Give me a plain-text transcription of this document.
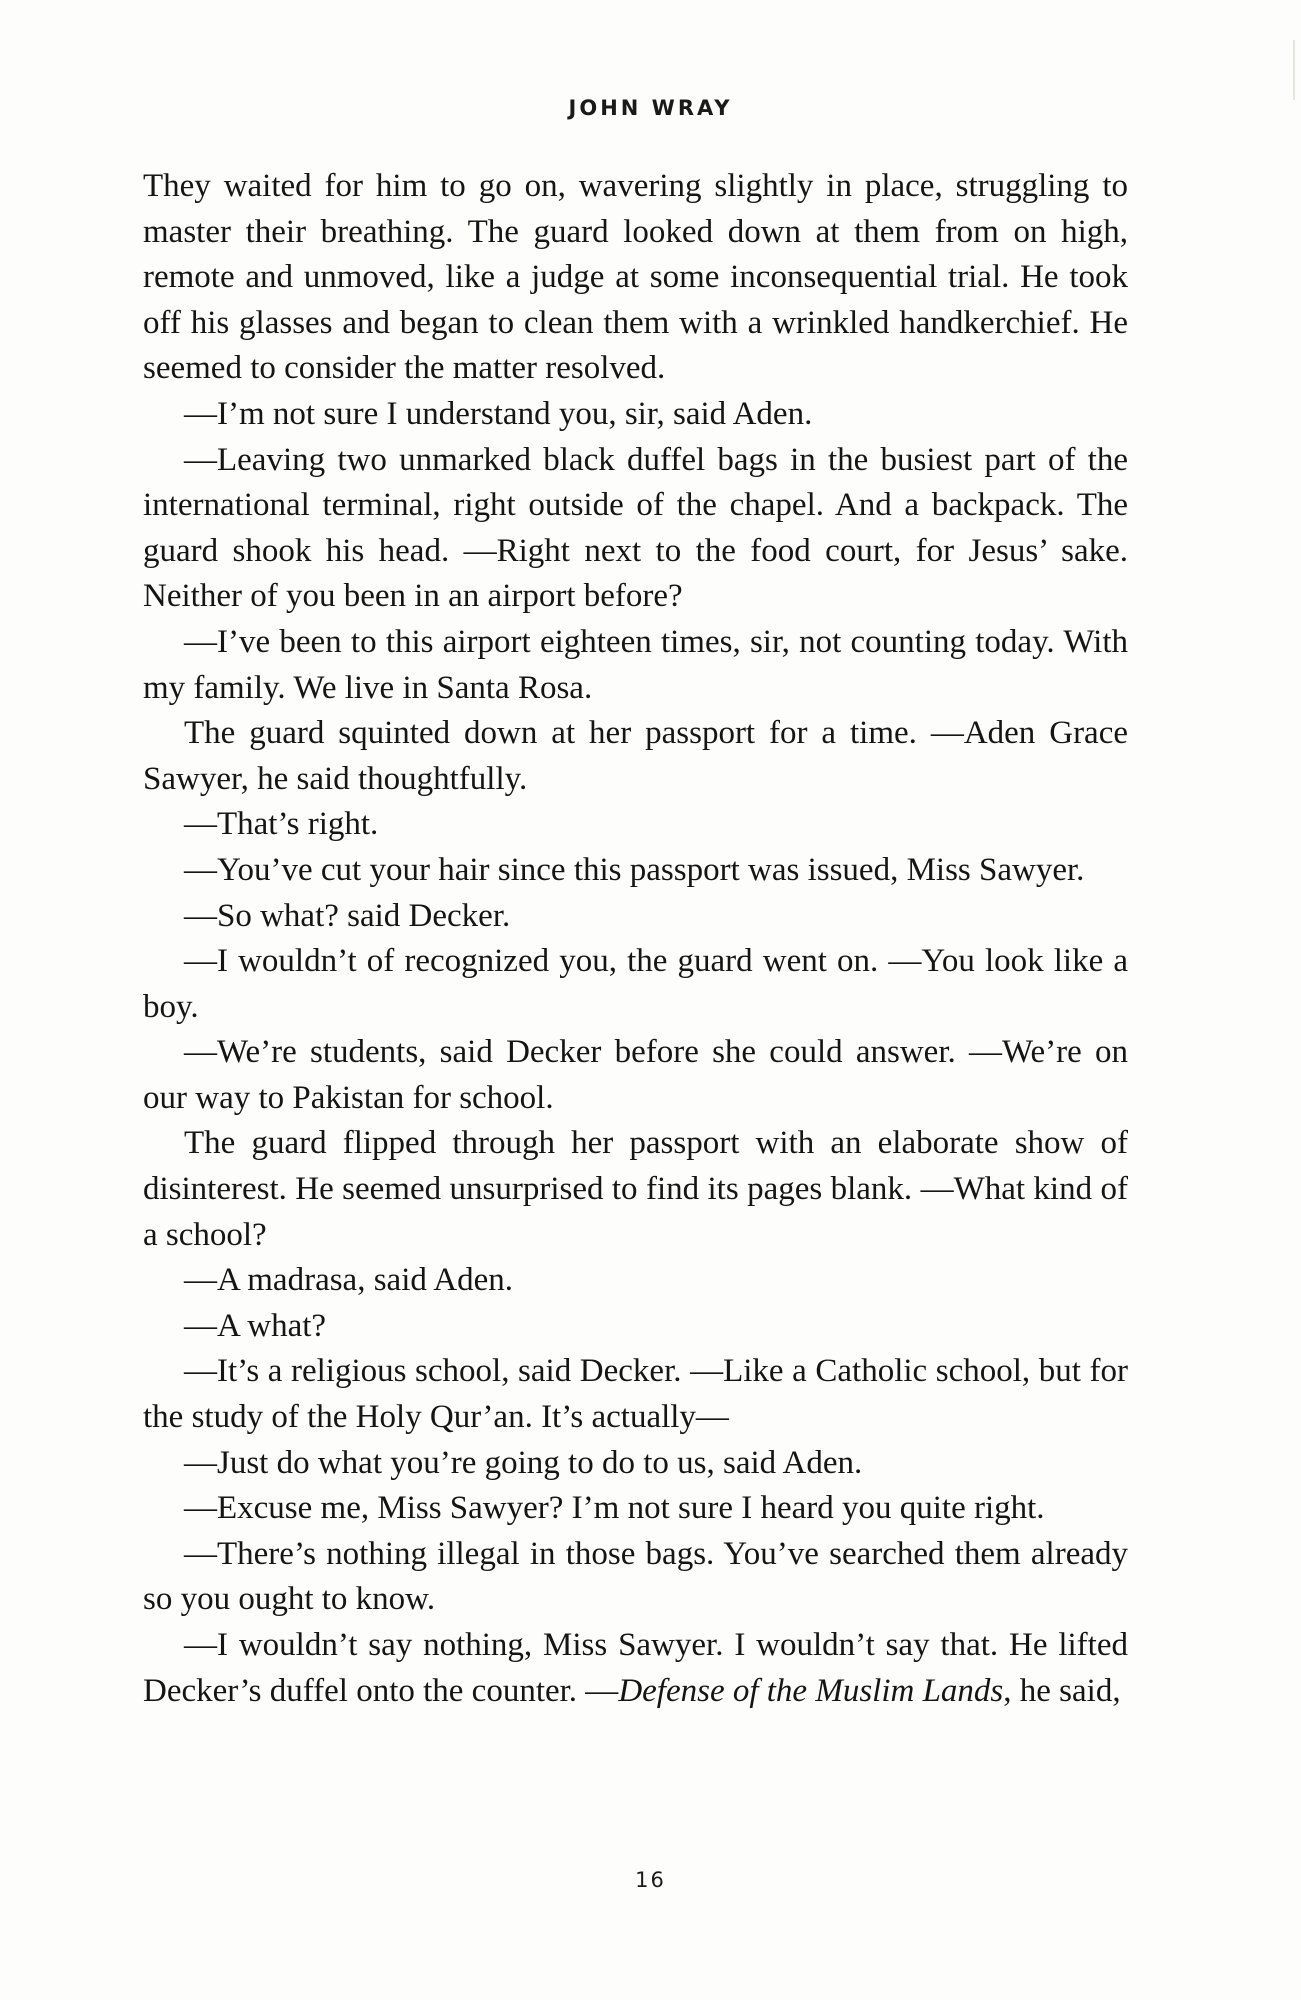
JOHN WRAY

They waited for him to go on, wavering slightly in place, struggling to master their breathing. The guard looked down at them from on high, remote and unmoved, like a judge at some inconsequential trial. He took off his glasses and began to clean them with a wrinkled handkerchief. He seemed to consider the matter resolved.

—I’m not sure I understand you, sir, said Aden.

—Leaving two unmarked black duffel bags in the busiest part of the international terminal, right outside of the chapel. And a backpack. The guard shook his head. —Right next to the food court, for Jesus’ sake. Neither of you been in an airport before?

—I’ve been to this airport eighteen times, sir, not counting today. With my family. We live in Santa Rosa.

The guard squinted down at her passport for a time. —Aden Grace Sawyer, he said thoughtfully.

—That’s right.

—You’ve cut your hair since this passport was issued, Miss Sawyer.

—So what? said Decker.

—I wouldn’t of recognized you, the guard went on. —You look like a boy.

—We’re students, said Decker before she could answer. —We’re on our way to Pakistan for school.

The guard flipped through her passport with an elaborate show of disinterest. He seemed unsurprised to find its pages blank. —What kind of a school?

—A madrasa, said Aden.

—A what?

—It’s a religious school, said Decker. —Like a Catholic school, but for the study of the Holy Qur’an. It’s actually—

—Just do what you’re going to do to us, said Aden.

—Excuse me, Miss Sawyer? I’m not sure I heard you quite right.

—There’s nothing illegal in those bags. You’ve searched them already so you ought to know.

—I wouldn’t say nothing, Miss Sawyer. I wouldn’t say that. He lifted Decker’s duffel onto the counter. —Defense of the Muslim Lands, he said,

16
